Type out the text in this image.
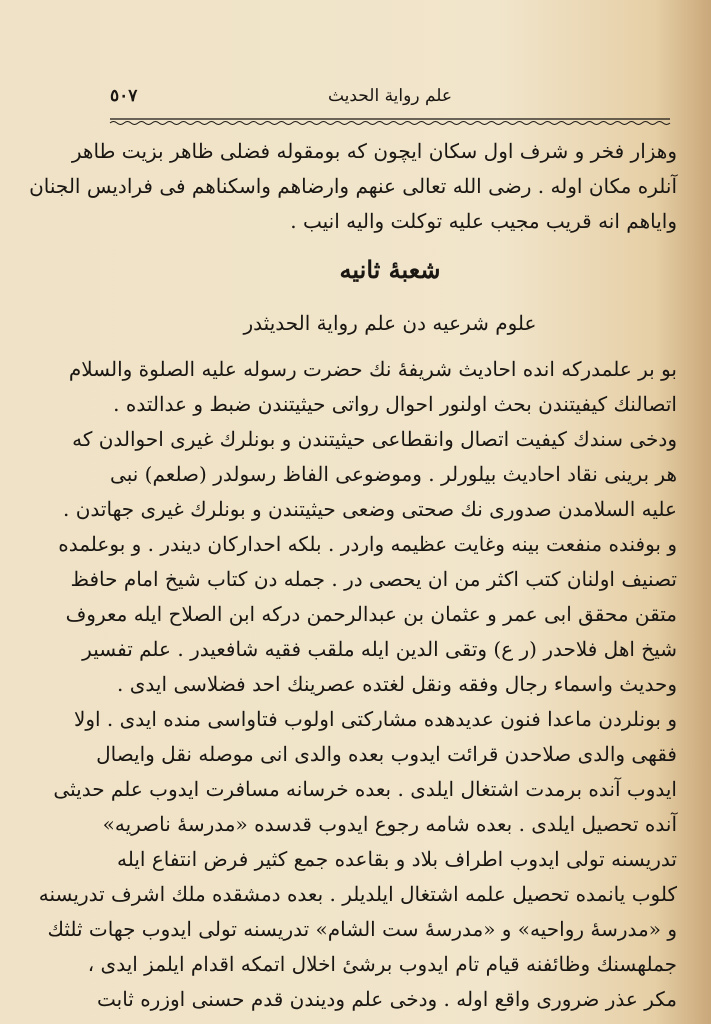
٥٠٧	علم روایة الحدیث
وهزار فخر و شرف اول سکان ایچون که بومقوله فضلی ظاهر بزیت طاهر
آنلره مکان اوله . رضی الله تعالی عنهم وارضاهم واسکناهم فی فرادیس الجنان
وایاهم انه قریب مجیب علیه توکلت والیه انیب .
شعبهٔ ثانیه
علوم شرعیه دن علم روایة الحدیثدر
بو بر علمدرکه انده احادیث شریفهٔ نك حضرت رسوله علیه الصلوة والسلام
اتصالنك کیفیتندن بحث اولنور احوال رواتی حیثیتندن ضبط و عدالتده .
ودخی سندك کیفیت اتصال وانقطاعی حیثیتندن و بونلرك غیری احوالدن که
هر برینی نقاد احادیث بیلورلر . وموضوعی الفاظ رسولدر (صلعم) نبی
علیه السلامدن صدوری نك صحتی وضعی حیثیتندن و بونلرك غیری جهاتدن .
و بوفنده منفعت بینه وغایت عظیمه واردر . بلکه احدارکان دیندر . و بوعلمده
تصنیف اولنان کتب اکثر من ان یحصی در . جمله دن کتاب شیخ امام حافظ
متقن محقق ابی عمر و عثمان بن عبدالرحمن درکه ابن الصلاح ایله معروف
شیخ اهل فلاحدر (ر ع) وتقی الدین ایله ملقب فقیه شافعیدر . علم تفسیر
وحدیث واسماء رجال وفقه ونقل لغتده عصرینك احد فضلاسی ایدی .
و بونلردن ماعدا فنون عدیدهده مشارکتی اولوب فتاواسی منده ایدی . اولا
فقهی والدی صلاحدن قرائت ایدوب بعده والدی انی موصله نقل وایصال
ایدوب آنده برمدت اشتغال ایلدی . بعده خرسانه مسافرت ایدوب علم حدیثی
آنده تحصیل ایلدی . بعده شامه رجوع ایدوب قدسده «مدرسهٔ ناصریه»
تدریسنه تولی ایدوب اطراف بلاد و بقاعده جمع کثیر فرض انتفاع ایله
کلوب یانمده تحصیل علمه اشتغال ایلدیلر . بعده دمشقده ملك اشرف تدریسنه
و «مدرسهٔ رواحیه» و «مدرسهٔ ست الشام» تدریسنه تولی ایدوب جهات ثلثك
جملهسنك وظائفنه قیام تام ایدوب برشیٔ اخلال اتمکه اقدام ایلمز ایدی ،
مکر عذر ضروری واقع اوله . ودخی علم ودیندن قدم حسنی اوزره ثابت
